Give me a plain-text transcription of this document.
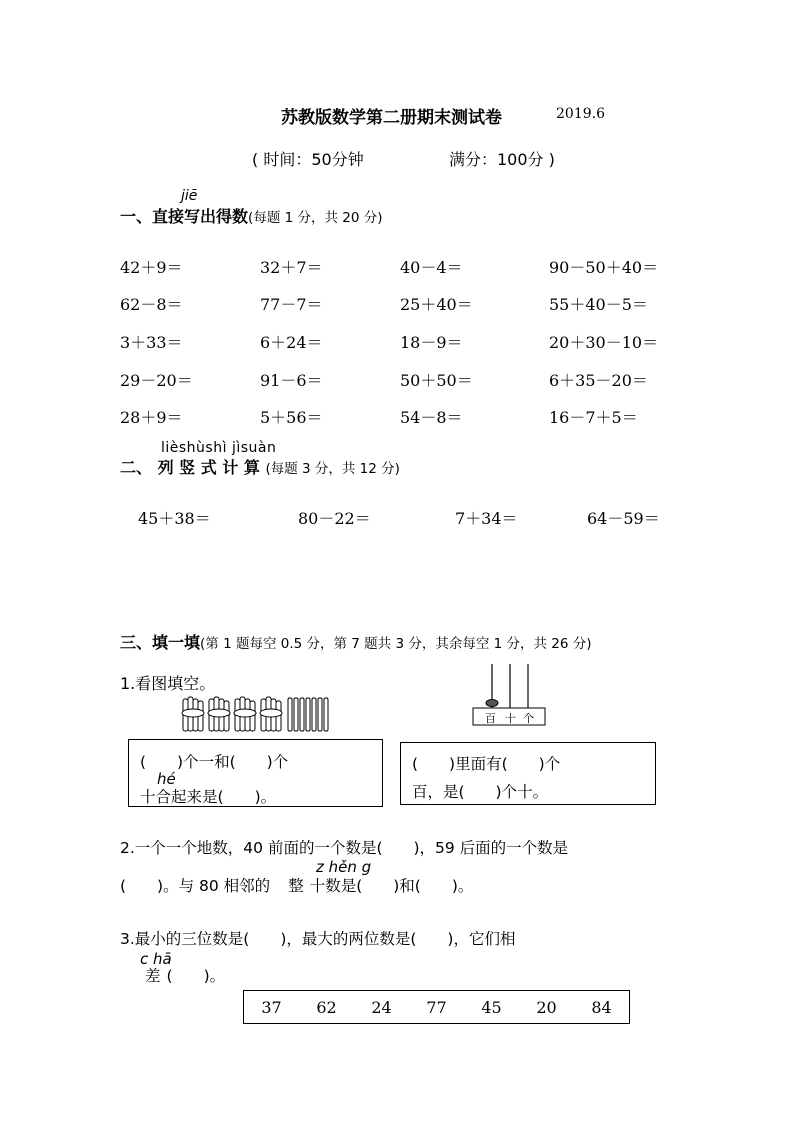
苏教版数学第二册期末测试卷	2019.6
( 时间：50分钟	满分：100分 )
jiē
一、直接写出得数(每题 1 分，共 20 分)
42＋9＝	32＋7＝	40－4＝	90－50＋40＝
62－8＝	77－7＝	25＋40＝	55＋40－5＝
3＋33＝	6＋24＝	18－9＝	20＋30－10＝
29－20＝	91－6＝	50＋50＝	6＋35－20＝
28＋9＝	5＋56＝	54－8＝	16－7＋5＝
lièshùshì jìsuàn
二、 列 竖 式 计 算 (每题 3 分，共 12 分)
45＋38＝	80－22＝	7＋34＝	64－59＝
三、填一填(第 1 题每空 0.5 分，第 7 题共 3 分，其余每空 1 分，共 26 分)
1.看图填空。
百 十 个
(　　)个一和(　　)个
hé
十合起来是(　　)。
(　　)里面有(　　)个
百，是(　　)个十。
2.一个一个地数，40 前面的一个数是(　　)，59 后面的一个数是
z hěn g
(　　)。与 80 相邻的 整 十数是(　　)和(　　)。
3.最小的三位数是(　　)，最大的两位数是(　　)，它们相
c hā
差 (　　)。
37	62	24	77	45	20	84
